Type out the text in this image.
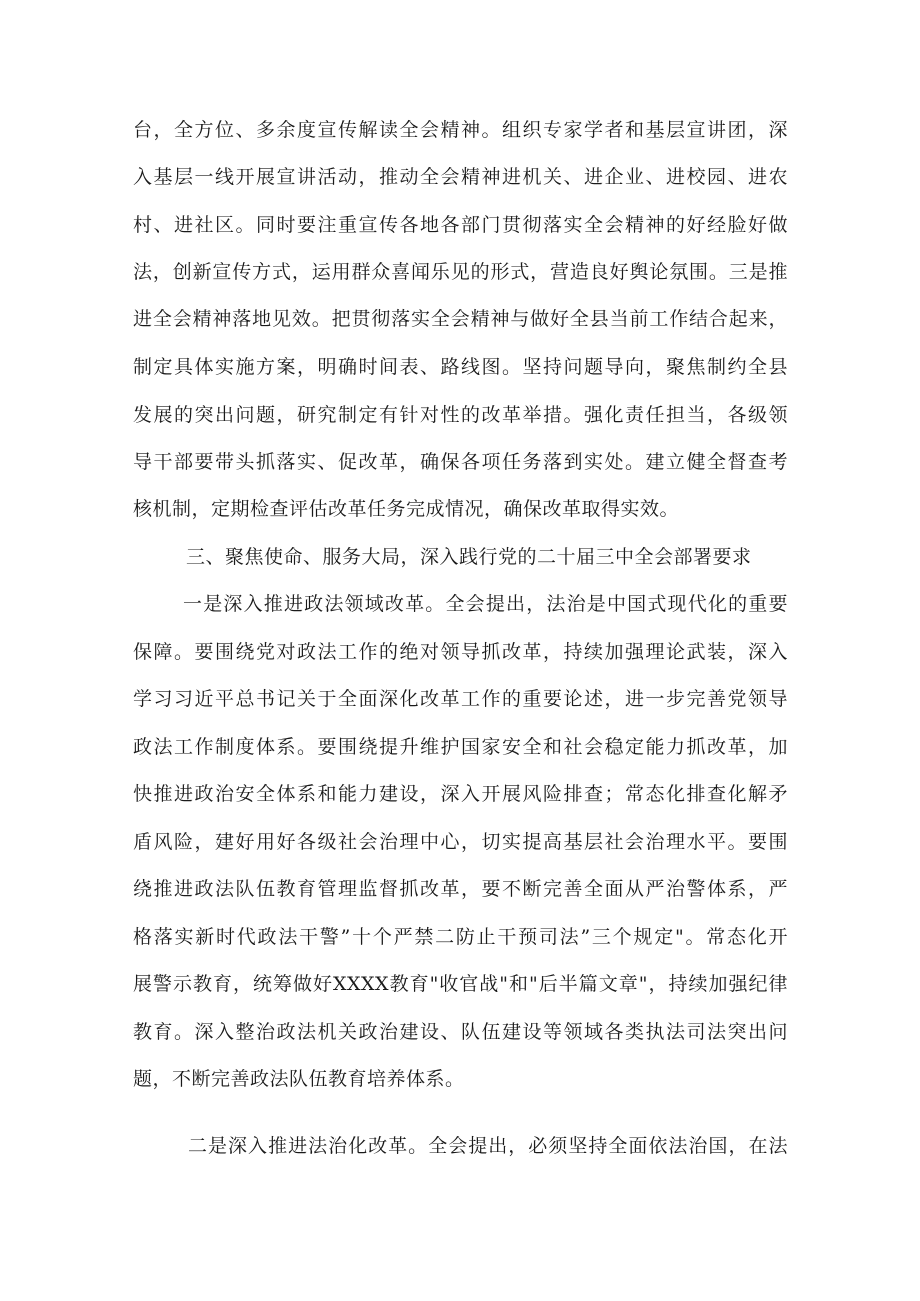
台，全方位、多余度宣传解读全会精神。组织专家学者和基层宣讲团，深
入基层一线开展宣讲活动，推动全会精神进机关、进企业、进校园、进农
村、进社区。同时要注重宣传各地各部门贯彻落实全会精神的好经脸好做
法，创新宣传方式，运用群众喜闻乐见的形式，营造良好舆论氛围。三是推
进全会精神落地见效。把贯彻落实全会精神与做好全县当前工作结合起来，
制定具体实施方案，明确时间表、路线图。坚持问题导向，聚焦制约全县
发展的突出问题，研究制定有针对性的改革举措。强化责任担当，各级领
导干部要带头抓落实、促改革，确保各项任务落到实处。建立健全督查考
核机制，定期检查评估改革任务完成情况，确保改革取得实效。
三、聚焦使命、服务大局，深入践行党的二十届三中全会部署要求
一是深入推进政法领域改革。全会提出，法治是中国式现代化的重要
保障。要围绕党对政法工作的绝对领导抓改革，持续加强理论武装，深入
学习习近平总书记关于全面深化改革工作的重要论述，进一步完善党领导
政法工作制度体系。要围绕提升维护国家安全和社会稳定能力抓改革，加
快推进政治安全体系和能力建设，深入开展风险排查；常态化排查化解矛
盾风险，建好用好各级社会治理中心，切实提高基层社会治理水平。要围
绕推进政法队伍教育管理监督抓改革，要不断完善全面从严治警体系，严
格落实新时代政法干警”十个严禁二防止干预司法”三个规定"。常态化开
展警示教育，统筹做好XXXX教育"收官战"和"后半篇文章"，持续加强纪律
教育。深入整治政法机关政治建设、队伍建设等领域各类执法司法突出问
题，不断完善政法队伍教育培养体系。
二是深入推进法治化改革。全会提出，必须坚持全面依法治国，在法
